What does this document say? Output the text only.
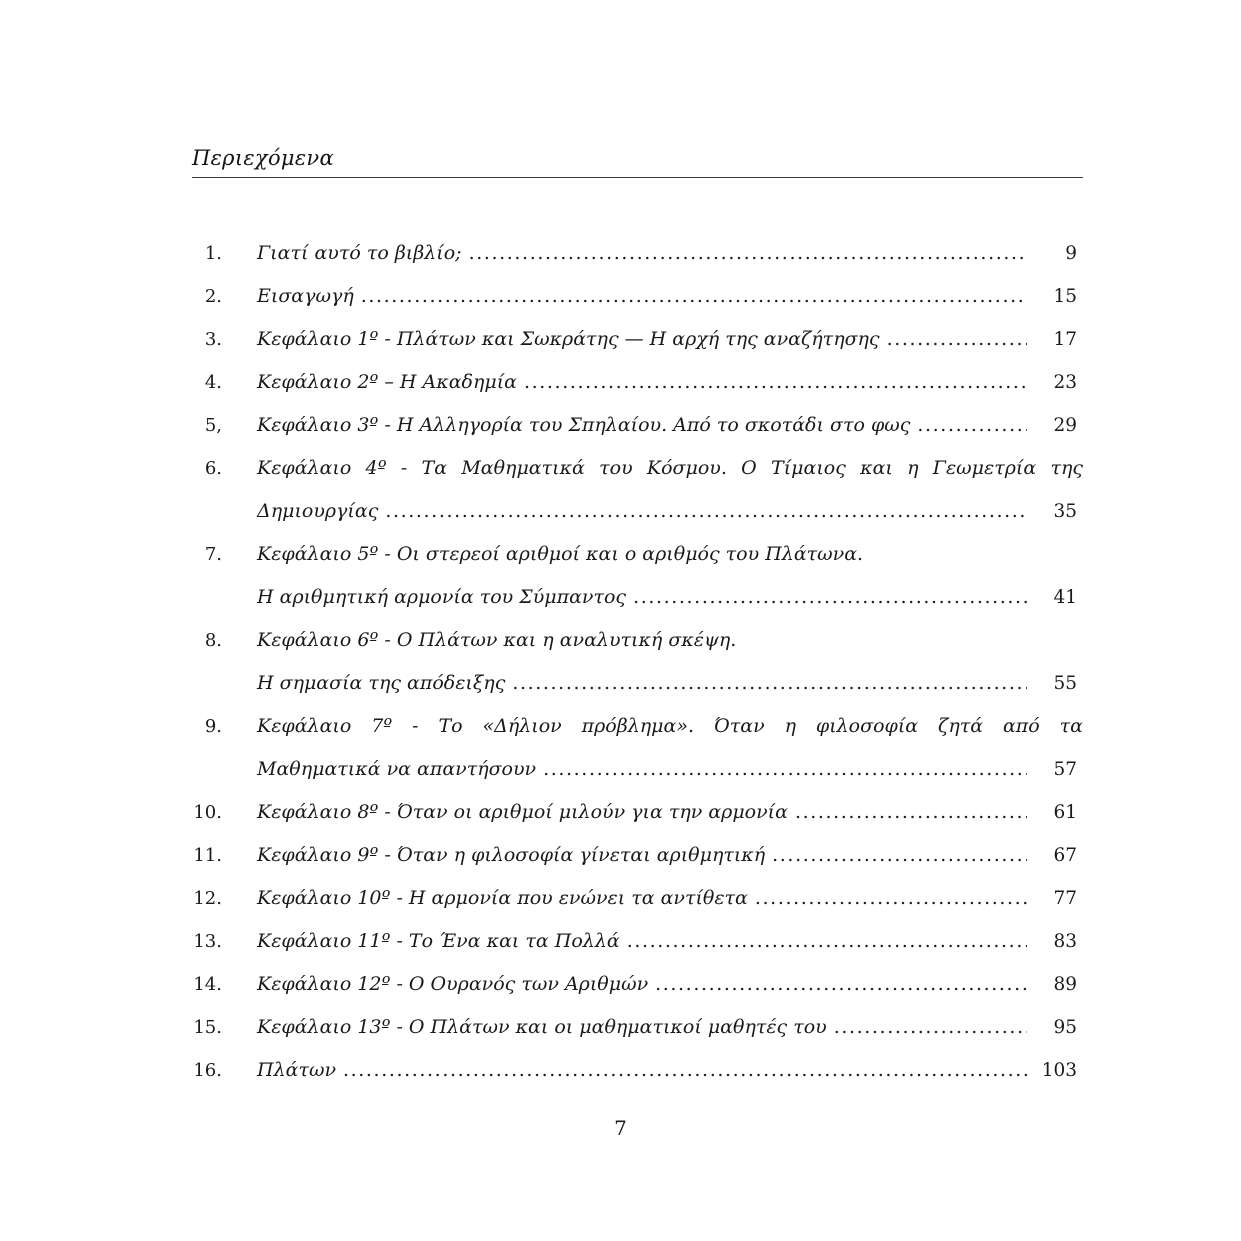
Περιεχόμενα
1. Γιατί αυτό το βιβλίο; .....	9
2. Εισαγωγή .....	15
3. Κεφάλαιο 1º - Πλάτων και Σωκράτης — Η αρχή της αναζήτησης .....	17
4. Κεφάλαιο 2º – Η Ακαδημία .....	23
5, Κεφάλαιο 3º - Η Αλληγορία του Σπηλαίου. Από το σκοτάδι στο φως .....	29
6. Κεφάλαιο 4º - Τα Μαθηματικά του Κόσμου. Ο Τίμαιος και η Γεωμετρία της
Δημιουργίας .....	35
7. Κεφάλαιο 5º - Οι στερεοί αριθμοί και ο αριθμός του Πλάτωνα.
Η αριθμητική αρμονία του Σύμπαντος .....	41
8. Κεφάλαιο 6º - Ο Πλάτων και η αναλυτική σκέψη.
Η σημασία της απόδειξης .....	55
9. Κεφάλαιο 7º - Το «Δήλιον πρόβλημα». Όταν η φιλοσοφία ζητά από τα
Μαθηματικά να απαντήσουν .....	57
10. Κεφάλαιο 8º - Όταν οι αριθμοί μιλούν για την αρμονία .....	61
11. Κεφάλαιο 9º - Όταν η φιλοσοφία γίνεται αριθμητική .....	67
12. Κεφάλαιο 10º - Η αρμονία που ενώνει τα αντίθετα .....	77
13. Κεφάλαιο 11º - Το Ένα και τα Πολλά .....	83
14. Κεφάλαιο 12º - Ο Ουρανός των Αριθμών .....	89
15. Κεφάλαιο 13º - Ο Πλάτων και οι μαθηματικοί μαθητές του .....	95
16. Πλάτων .....	103
7
